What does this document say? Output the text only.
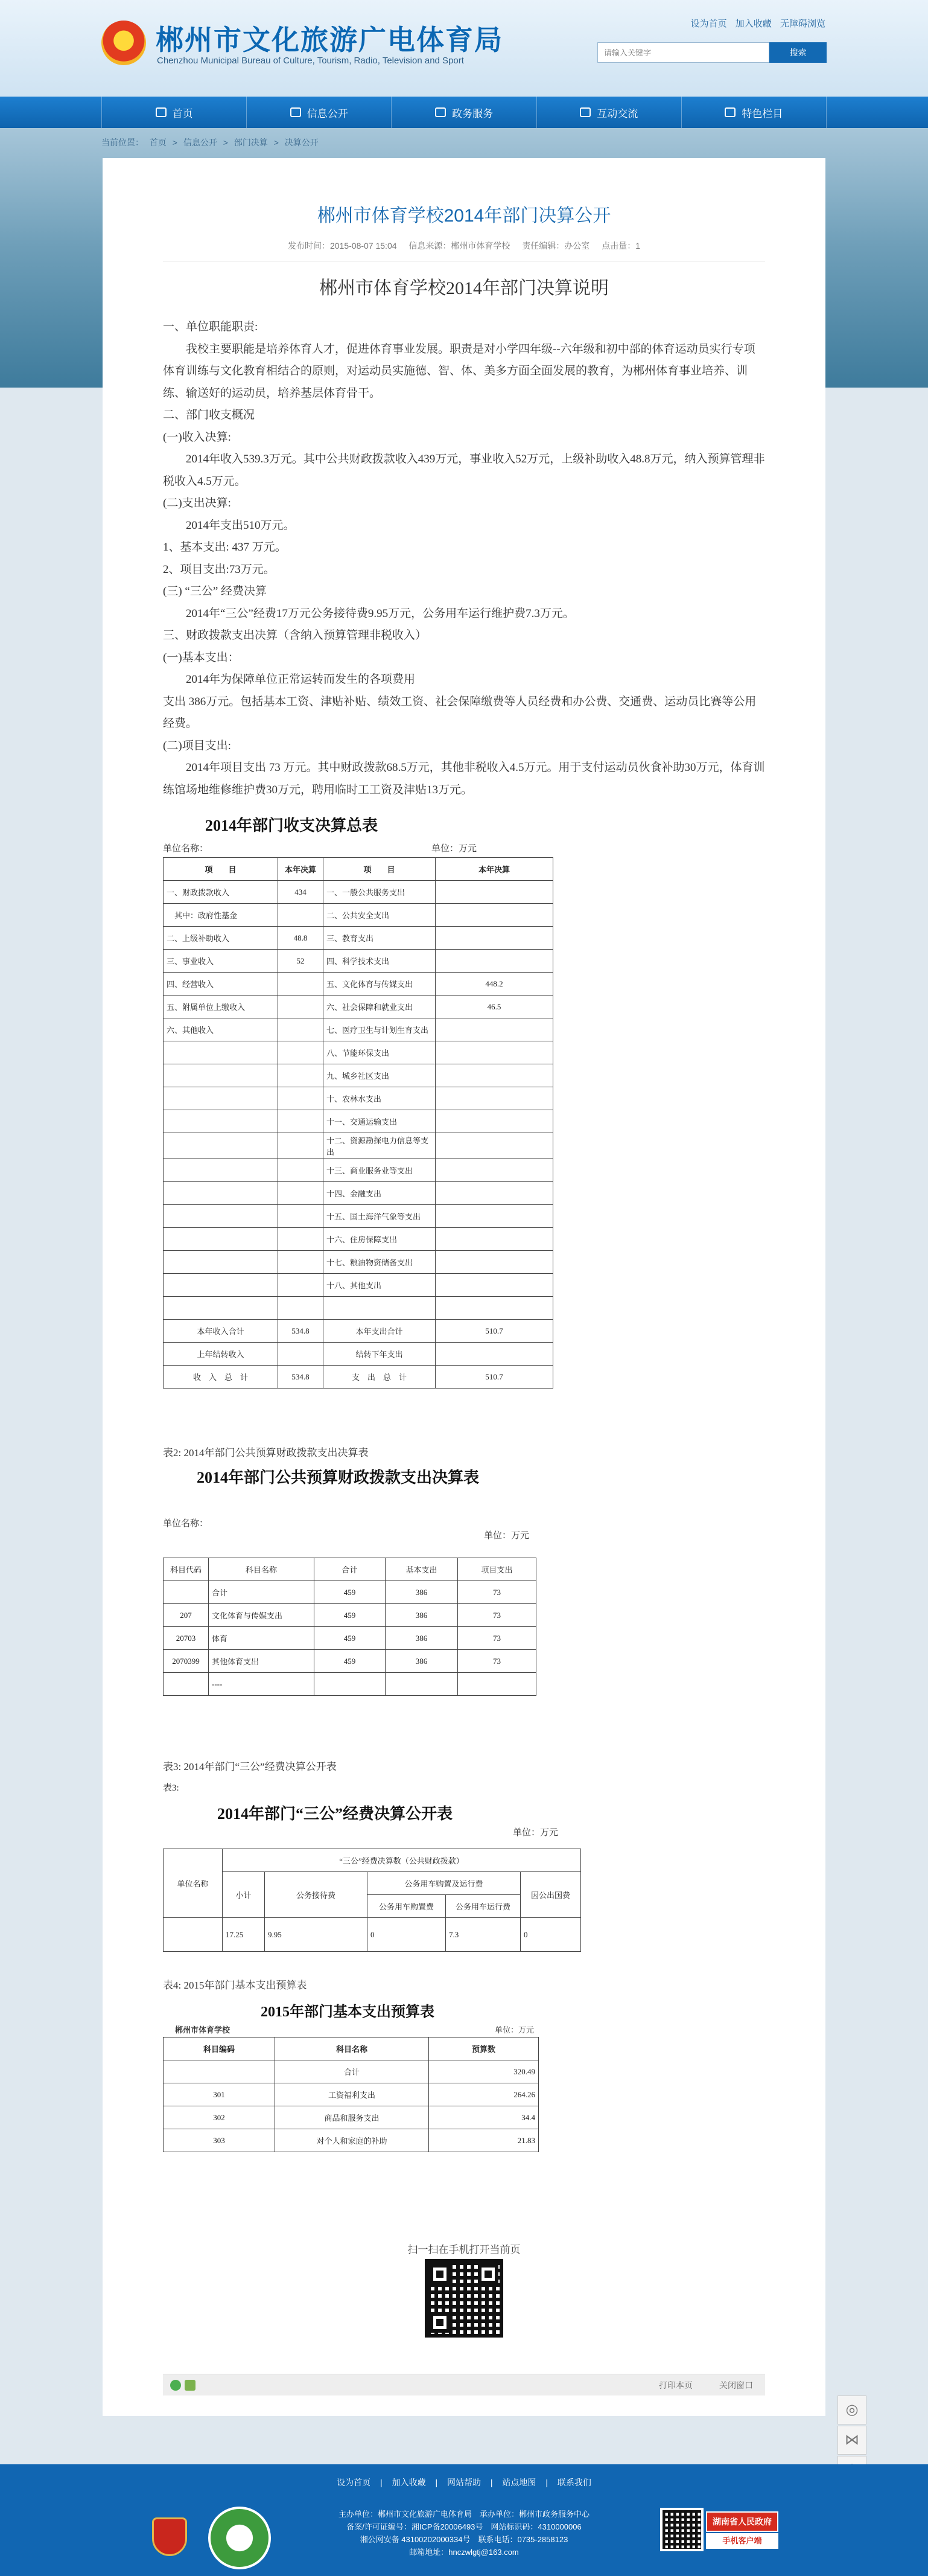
郴州市文化旅游广电体育局
Chenzhou Municipal Bureau of Culture, Tourism, Radio, Television and Sport
设为首页 加入收藏 无障碍浏览
请输入关键字
搜索
首页	信息公开	政务服务	互动交流	特色栏目
当前位置： 首页 > 信息公开 > 部门决算 > 决算公开
郴州市体育学校2014年部门决算公开
发布时间：2015-08-07 15:04 信息来源：郴州市体育学校 责任编辑：办公室 点击量：1
郴州市体育学校2014年部门决算说明

一、单位职能职责:

我校主要职能是培养体育人才，促进体育事业发展。职责是对小学四年级--六年级和初中部的体育运动员实行专项体育训练与文化教育相结合的原则，对运动员实施德、智、体、美多方面全面发展的教育，为郴州体育事业培养、训练、输送好的运动员，培养基层体育骨干。

二、部门收支概况

(一)收入决算:

2014年收入539.3万元。其中公共财政拨款收入439万元，事业收入52万元，上级补助收入48.8万元，纳入预算管理非税收入4.5万元。

(二)支出决算:

2014年支出510万元。

1、基本支出: 437 万元。

2、项目支出:73万元。

(三) “三公” 经费决算

2014年“三公”经费17万元公务接待费9.95万元，公务用车运行维护费7.3万元。

三、财政拨款支出决算（含纳入预算管理非税收入）

(一)基本支出：

2014年为保障单位正常运转而发生的各项费用

支出 386万元。包括基本工资、津贴补贴、绩效工资、社会保障缴费等人员经费和办公费、交通费、运动员比赛等公用经费。

(二)项目支出:

2014年项目支出 73 万元。其中财政拨款68.5万元，其他非税收入4.5万元。用于支付运动员伙食补助30万元，体育训练馆场地维修维护费30万元，聘用临时工工资及津贴13万元。

2014年部门收支决算总表
单位名称：	单位：万元
项　　目	本年决算	项　　目	本年决算
一、财政拨款收入	434	一、一般公共服务支出	
　其中：政府性基金		二、公共安全支出	
二、上级补助收入	48.8	三、教育支出	
三、事业收入	52	四、科学技术支出	
四、经营收入		五、文化体育与传媒支出	448.2
五、附属单位上缴收入		六、社会保障和就业支出	46.5
六、其他收入		七、医疗卫生与计划生育支出	
		八、节能环保支出	
		九、城乡社区支出	
		十、农林水支出	
		十一、交通运输支出	
		十二、资源勘探电力信息等支出	
		十三、商业服务业等支出	
		十四、金融支出	
		十五、国土海洋气象等支出	
		十六、住房保障支出	
		十七、粮油物资储备支出	
		十八、其他支出	

本年收入合计	534.8	本年支出合计	510.7
上年结转收入		结转下年支出	
收　入　总　计	534.8	支　出　总　计	510.7
表2: 2014年部门公共预算财政拨款支出决算表
2014年部门公共预算财政拨款支出决算表
单位名称：
单位：万元
科目代码	科目名称	合计	基本支出	项目支出
	合计	459	386	73
207	文化体育与传媒支出	459	386	73
20703	体育	459	386	73
2070399	其他体育支出	459	386	73
	----			
表3: 2014年部门“三公”经费决算公开表
表3:
2014年部门“三公”经费决算公开表
单位：万元
单位名称	“三公”经费决算数（公共财政拨款）				
	小计	公务接待费	公务用车购置及运行费		因公出国费
			公务用车购置费	公务用车运行费	
	17.25	9.95	0	7.3	0
表4: 2015年部门基本支出预算表
2015年部门基本支出预算表
郴州市体育学校	单位：万元
科目编码	科目名称	预算数
	合计	320.49
301	工资福利支出	264.26
302	商品和服务支出	34.4
303	对个人和家庭的补助	21.83
扫一扫在手机打开当前页
打印本页	关闭窗口
◎
⋈
设为首页 | 加入收藏 | 网站帮助 | 站点地图 | 联系我们
主办单位：郴州市文化旅游广电体育局　承办单位：郴州市政务服务中心
备案/许可证编号：湘ICP备20006493号　网站标识码：4310000006
湘公网安备 43100202000334号　联系电话：0735-2858123
邮箱地址：hnczwlgtj@163.com
湖南省人民政府
手机客户端
